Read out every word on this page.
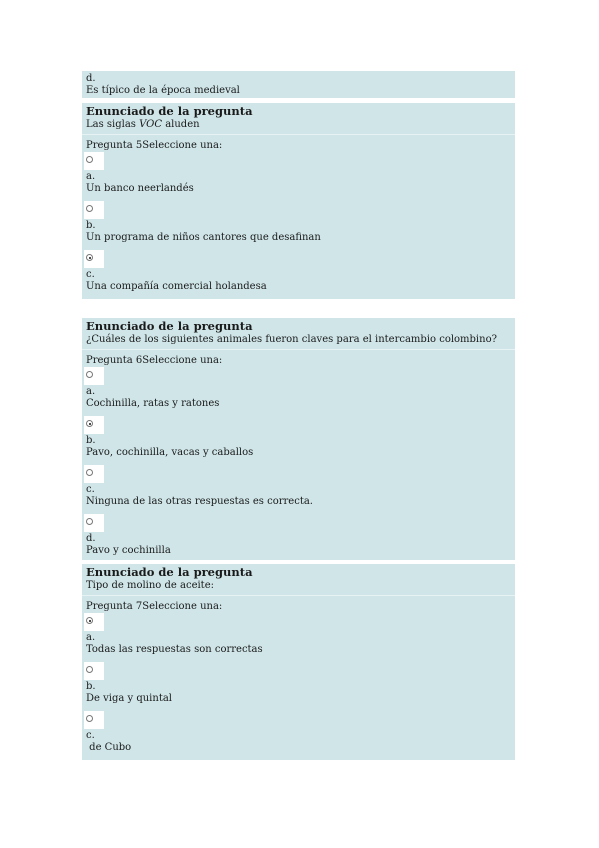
d.
Es típico de la época medieval
Enunciado de la pregunta
Las siglas VOC aluden
Pregunta 5Seleccione una:
a.
Un banco neerlandés
b.
Un programa de niños cantores que desafinan
c.
Una compañía comercial holandesa
Enunciado de la pregunta
¿Cuáles de los siguientes animales fueron claves para el intercambio colombino?
Pregunta 6Seleccione una:
a.
Cochinilla, ratas y ratones
b.
Pavo, cochinilla, vacas y caballos
c.
Ninguna de las otras respuestas es correcta.
d.
Pavo y cochinilla
Enunciado de la pregunta
Tipo de molino de aceite:
Pregunta 7Seleccione una:
a.
Todas las respuestas son correctas
b.
De viga y quintal
c.
de Cubo
